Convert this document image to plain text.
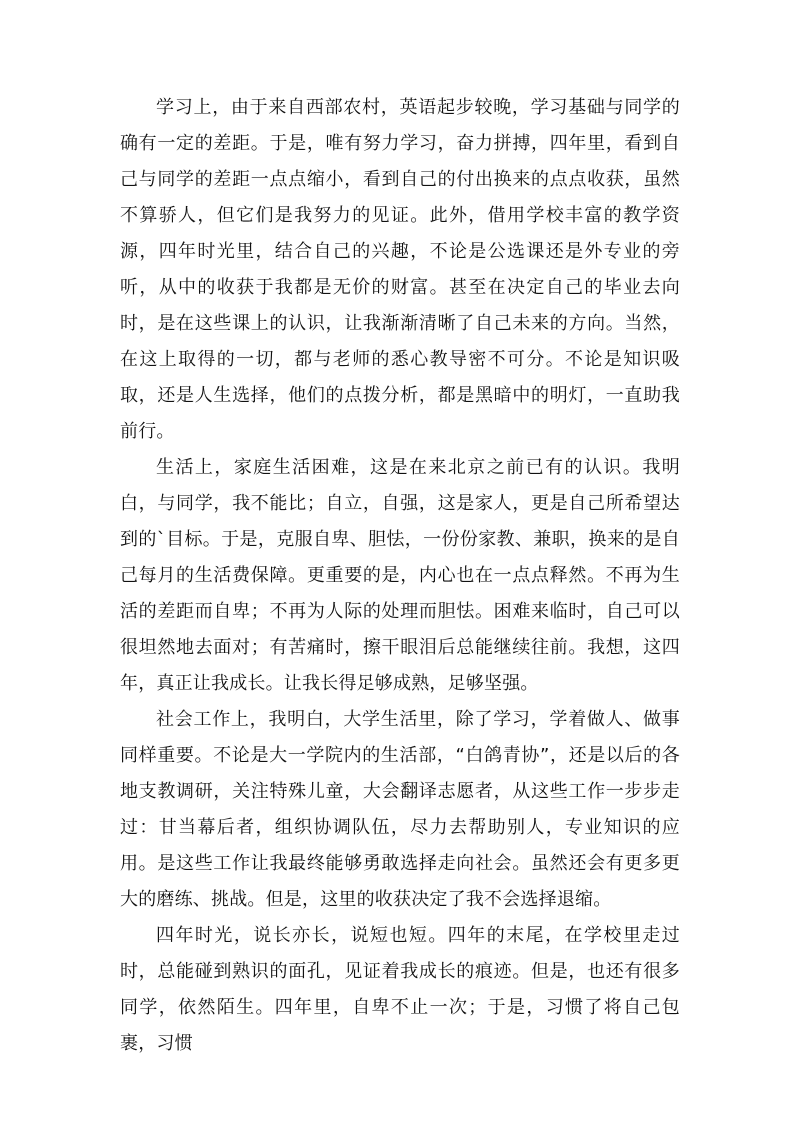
学习上，由于来自西部农村，英语起步较晚，学习基础与同学的确有一定的差距。于是，唯有努力学习，奋力拼搏，四年里，看到自己与同学的差距一点点缩小，看到自己的付出换来的点点收获，虽然不算骄人，但它们是我努力的见证。此外，借用学校丰富的教学资源，四年时光里，结合自己的兴趣，不论是公选课还是外专业的旁听，从中的收获于我都是无价的财富。甚至在决定自己的毕业去向时，是在这些课上的认识，让我渐渐清晰了自己未来的方向。当然，在这上取得的一切，都与老师的悉心教导密不可分。不论是知识吸取，还是人生选择，他们的点拨分析，都是黑暗中的明灯，一直助我前行。

生活上，家庭生活困难，这是在来北京之前已有的认识。我明白，与同学，我不能比；自立，自强，这是家人，更是自己所希望达到的`目标。于是，克服自卑、胆怯，一份份家教、兼职，换来的是自己每月的生活费保障。更重要的是，内心也在一点点释然。不再为生活的差距而自卑；不再为人际的处理而胆怯。困难来临时，自己可以很坦然地去面对；有苦痛时，擦干眼泪后总能继续往前。我想，这四年，真正让我成长。让我长得足够成熟，足够坚强。

社会工作上，我明白，大学生活里，除了学习，学着做人、做事同样重要。不论是大一学院内的生活部，“白鸽青协”，还是以后的各地支教调研，关注特殊儿童，大会翻译志愿者，从这些工作一步步走过：甘当幕后者，组织协调队伍，尽力去帮助别人，专业知识的应用。是这些工作让我最终能够勇敢选择走向社会。虽然还会有更多更大的磨练、挑战。但是，这里的收获决定了我不会选择退缩。

四年时光，说长亦长，说短也短。四年的末尾，在学校里走过时，总能碰到熟识的面孔，见证着我成长的痕迹。但是，也还有很多同学，依然陌生。四年里，自卑不止一次；于是，习惯了将自己包裹，习惯
